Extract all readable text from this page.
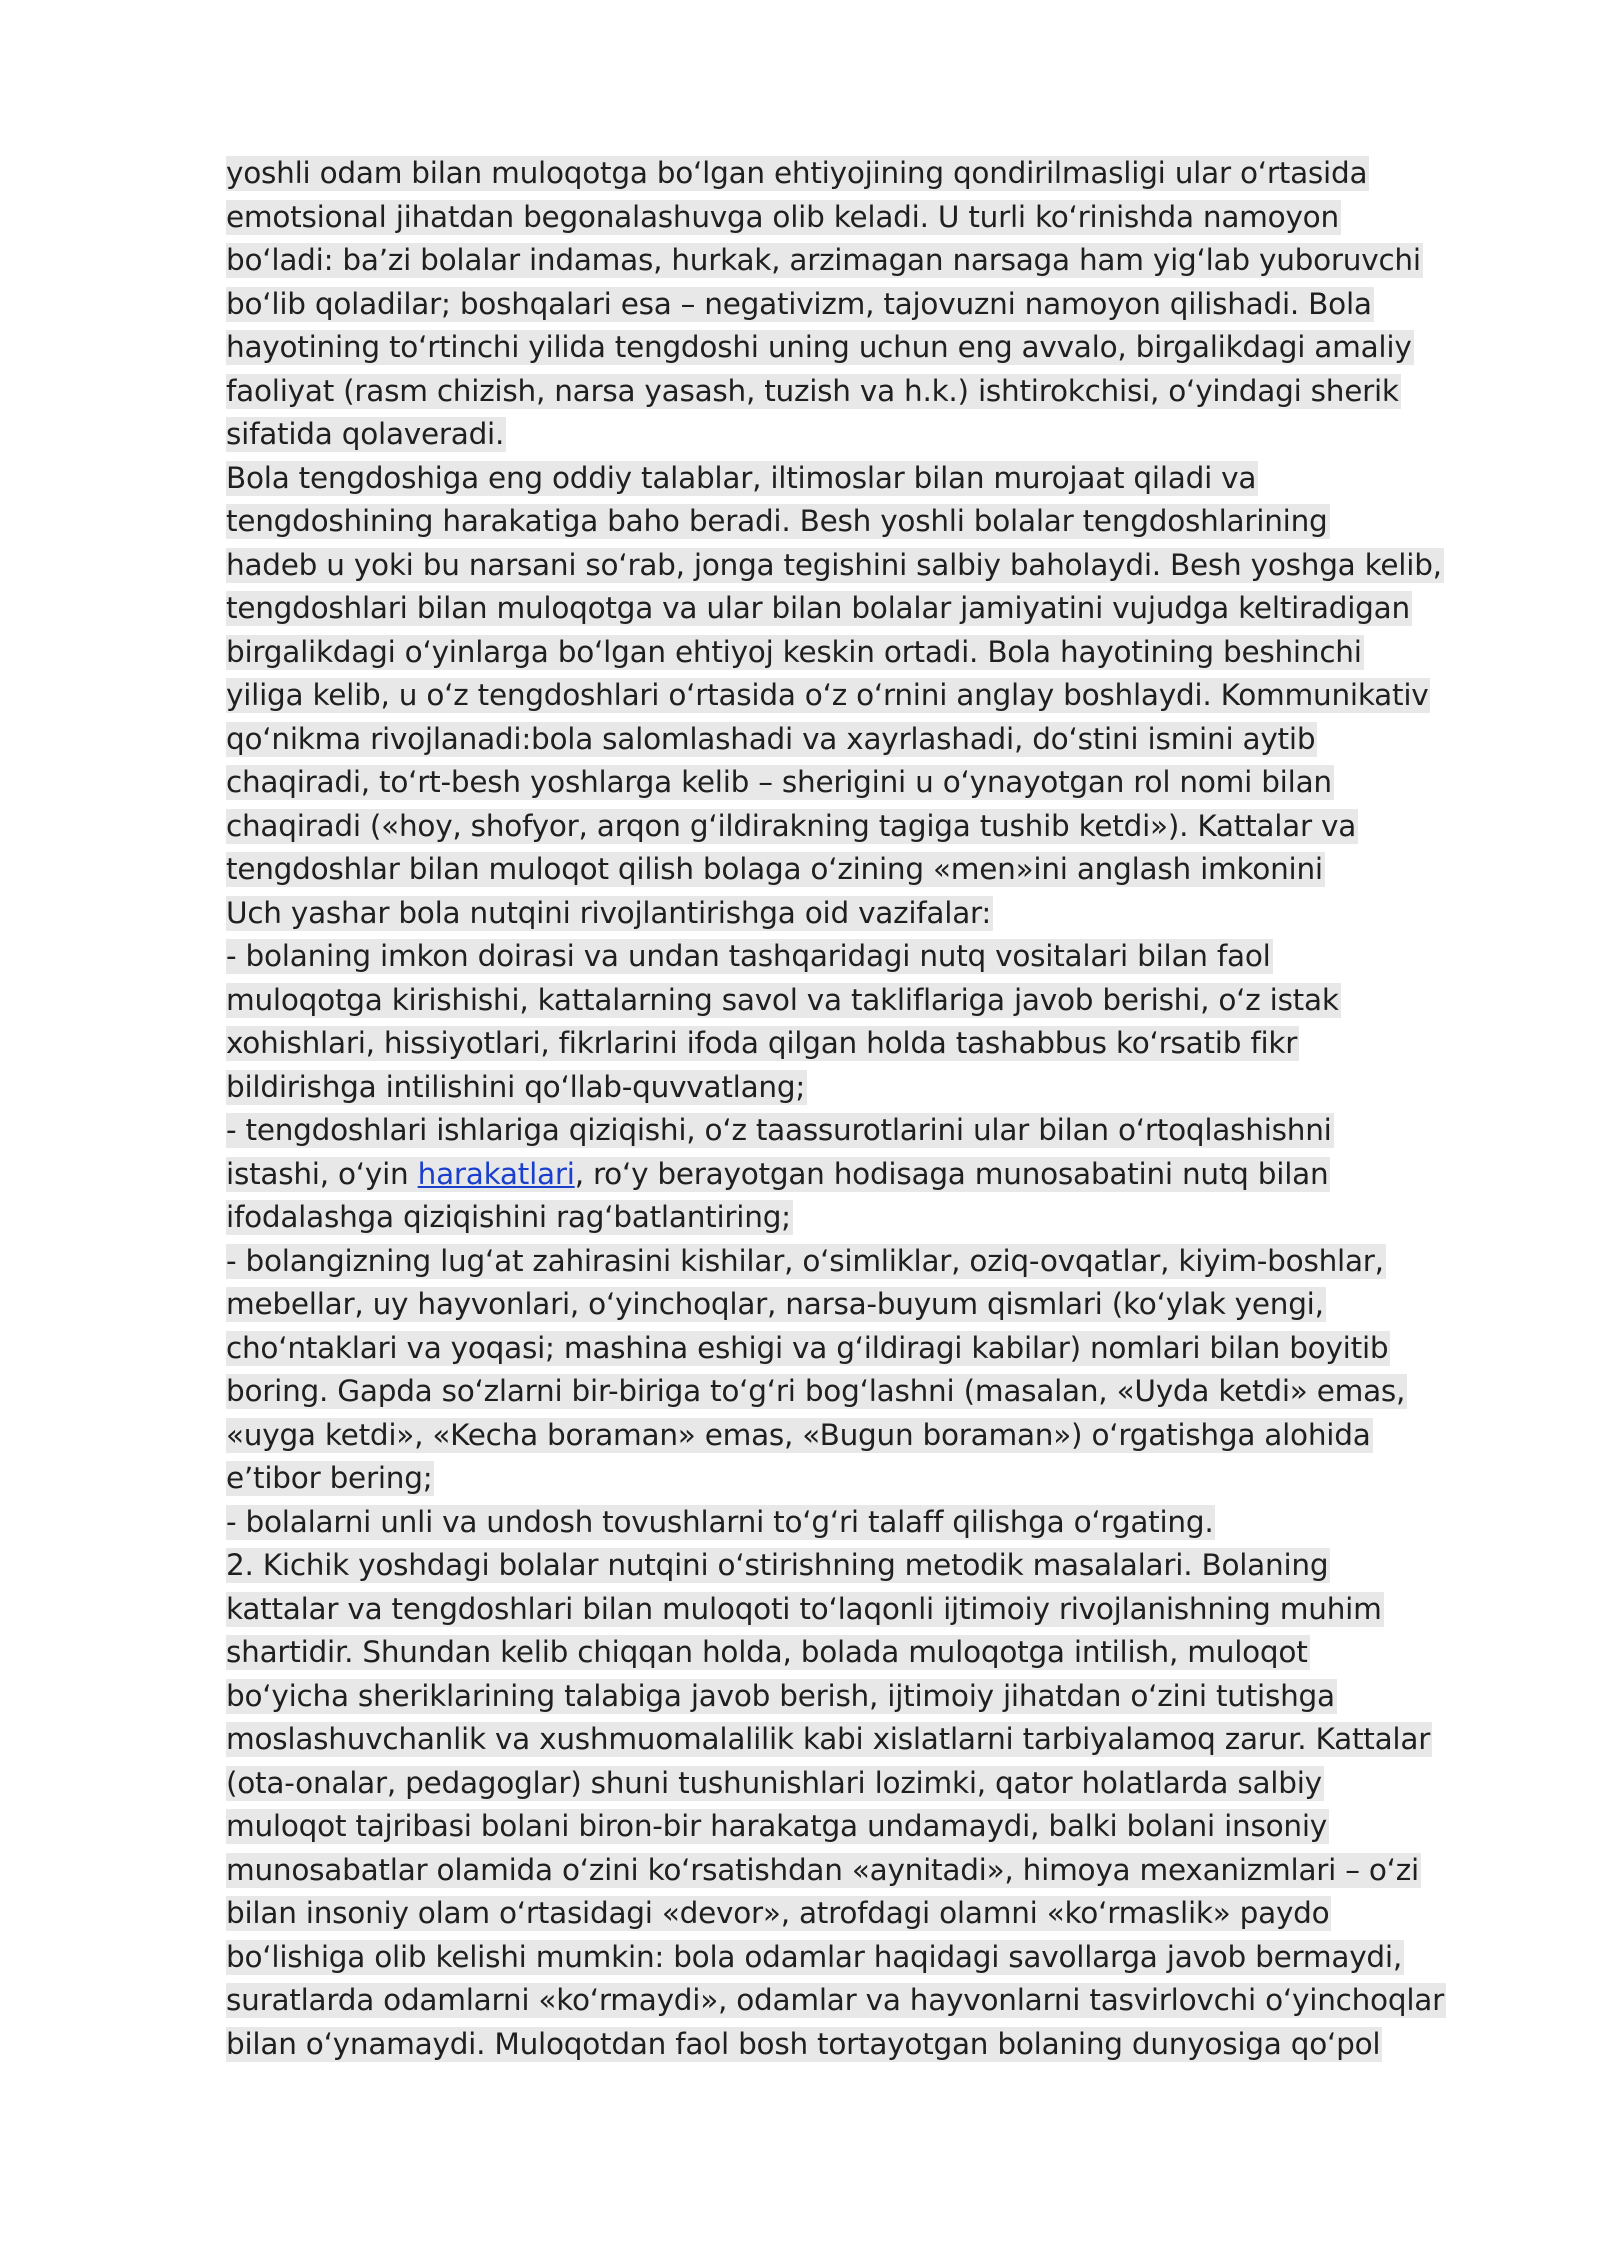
yoshli odam bilan muloqotga boʻlgan ehtiyojining qondirilmasligi ular oʻrtasida
emotsional jihatdan begonalashuvga olib keladi. U turli koʻrinishda namoyon
boʻladi: baʼzi bolalar indamas, hurkak, arzimagan narsaga ham yigʻlab yuboruvchi
boʻlib qoladilar; boshqalari esa – negativizm, tajovuzni namoyon qilishadi. Bola
hayotining toʻrtinchi yilida tengdoshi uning uchun eng avvalo, birgalikdagi amaliy
faoliyat (rasm chizish, narsa yasash, tuzish va h.k.) ishtirokchisi, oʻyindagi sherik
sifatida qolaveradi.
Bola tengdoshiga eng oddiy talablar, iltimoslar bilan murojaat qiladi va
tengdoshining harakatiga baho beradi. Besh yoshli bolalar tengdoshlarining
hadeb u yoki bu narsani soʻrab, jonga tegishini salbiy baholaydi. Besh yoshga kelib,
tengdoshlari bilan muloqotga va ular bilan bolalar jamiyatini vujudga keltiradigan
birgalikdagi oʻyinlarga boʻlgan ehtiyoj keskin ortadi. Bola hayotining beshinchi
yiliga kelib, u oʻz tengdoshlari oʻrtasida oʻz oʻrnini anglay boshlaydi. Kommunikativ
qoʻnikma rivojlanadi:bola salomlashadi va xayrlashadi, doʻstini ismini aytib
chaqiradi, toʻrt-besh yoshlarga kelib – sherigini u oʻynayotgan rol nomi bilan
chaqiradi («hoy, shofyor, arqon gʻildirakning tagiga tushib ketdi»). Kattalar va
tengdoshlar bilan muloqot qilish bolaga oʻzining «men»ini anglash imkonini
Uch yashar bola nutqini rivojlantirishga oid vazifalar:
- bolaning imkon doirasi va undan tashqaridagi nutq vositalari bilan faol
muloqotga kirishishi, kattalarning savol va takliflariga javob berishi, oʻz istak
xohishlari, hissiyotlari, fikrlarini ifoda qilgan holda tashabbus koʻrsatib fikr
bildirishga intilishini qoʻllab-quvvatlang;
- tengdoshlari ishlariga qiziqishi, oʻz taassurotlarini ular bilan oʻrtoqlashishni
istashi, oʻyin harakatlari, roʻy berayotgan hodisaga munosabatini nutq bilan
ifodalashga qiziqishini ragʻbatlantiring;
- bolangizning lugʻat zahirasini kishilar, oʻsimliklar, oziq-ovqatlar, kiyim-boshlar,
mebellar, uy hayvonlari, oʻyinchoqlar, narsa-buyum qismlari (koʻylak yengi,
choʻntaklari va yoqasi; mashina eshigi va gʻildiragi kabilar) nomlari bilan boyitib
boring. Gapda soʻzlarni bir-biriga toʻgʻri bogʻlashni (masalan, «Uyda ketdi» emas,
«uyga ketdi», «Kecha boraman» emas, «Bugun boraman») oʻrgatishga alohida
eʼtibor bering;
- bolalarni unli va undosh tovushlarni toʻgʻri talaff qilishga oʻrgating.
2. Kichik yoshdagi bolalar nutqini oʻstirishning metodik masalalari. Bolaning
kattalar va tengdoshlari bilan muloqoti toʻlaqonli ijtimoiy rivojlanishning muhim
shartidir. Shundan kelib chiqqan holda, bolada muloqotga intilish, muloqot
boʻyicha sheriklarining talabiga javob berish, ijtimoiy jihatdan oʻzini tutishga
moslashuvchanlik va xushmuomalalilik kabi xislatlarni tarbiyalamoq zarur. Kattalar
(ota-onalar, pedagoglar) shuni tushunishlari lozimki, qator holatlarda salbiy
muloqot tajribasi bolani biron-bir harakatga undamaydi, balki bolani insoniy
munosabatlar olamida oʻzini koʻrsatishdan «aynitadi», himoya mexanizmlari – oʻzi
bilan insoniy olam oʻrtasidagi «devor», atrofdagi olamni «koʻrmaslik» paydo
boʻlishiga olib kelishi mumkin: bola odamlar haqidagi savollarga javob bermaydi,
suratlarda odamlarni «koʻrmaydi», odamlar va hayvonlarni tasvirlovchi oʻyinchoqlar
bilan oʻynamaydi. Muloqotdan faol bosh tortayotgan bolaning dunyosiga qoʻpol
